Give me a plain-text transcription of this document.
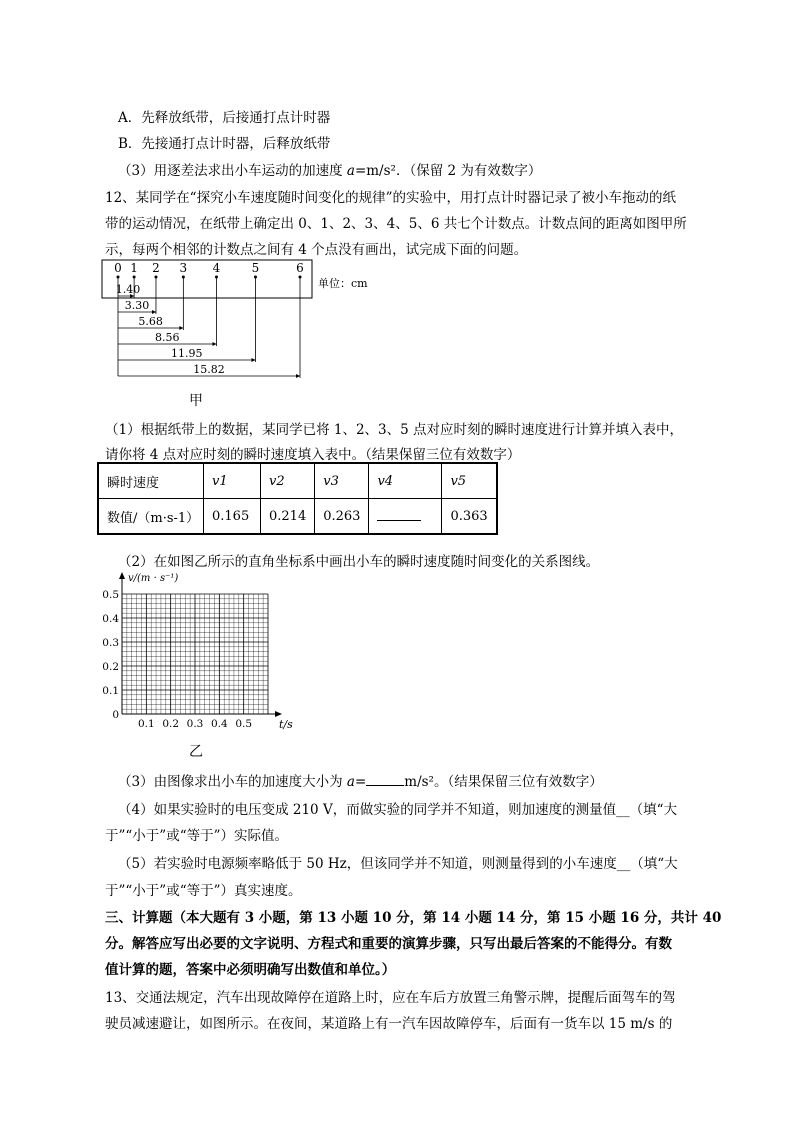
A．先释放纸带，后接通打点计时器
B．先接通打点计时器，后释放纸带
（3）用逐差法求出小车运动的加速度 a=m/s²．（保留 2 为有效数字）
12、某同学在“探究小车速度随时间变化的规律”的实验中，用打点计时器记录了被小车拖动的纸
带的运动情况，在纸带上确定出 0、1、2、3、4、5、6 共七个计数点。计数点间的距离如图甲所
示，每两个相邻的计数点之间有 4 个点没有画出，试完成下面的问题。
0 1 2 3 4	5	6
单位：cm
1.40
3.30
5.68
8.56
11.95
15.82
甲
（1）根据纸带上的数据，某同学已将 1、2、3、5 点对应时刻的瞬时速度进行计算并填入表中，
请你将 4 点对应时刻的瞬时速度填入表中。（结果保留三位有效数字）
瞬时速度	v1	v2	v3	v4	v5
数值/（m·s-1）	0.165	0.214	0.263		0.363
（2）在如图乙所示的直角坐标系中画出小车的瞬时速度随时间变化的关系图线。
v/(m · s⁻¹)
0.5
0.4
0.3
0.2
0.1
0
0.1 0.2 0.3 0.4 0.5 t/s
乙
（3）由图像求出小车的加速度大小为 a=	m/s²。（结果保留三位有效数字）
（4）如果实验时的电压变成 210 V，而做实验的同学并不知道，则加速度的测量值__（填“大
于”“小于”或“等于”）实际值。
（5）若实验时电源频率略低于 50 Hz，但该同学并不知道，则测量得到的小车速度__（填“大
于”“小于”或“等于”）真实速度。
三、计算题（本大题有 3 小题，第 13 小题 10 分，第 14 小题 14 分，第 15 小题 16 分，共计 40
分。解答应写出必要的文字说明、方程式和重要的演算步骤，只写出最后答案的不能得分。有数
值计算的题，答案中必须明确写出数值和单位。）
13、交通法规定，汽车出现故障停在道路上时，应在车后方放置三角警示牌，提醒后面驾车的驾
驶员减速避让，如图所示。在夜间，某道路上有一汽车因故障停车，后面有一货车以 15 m/s 的
